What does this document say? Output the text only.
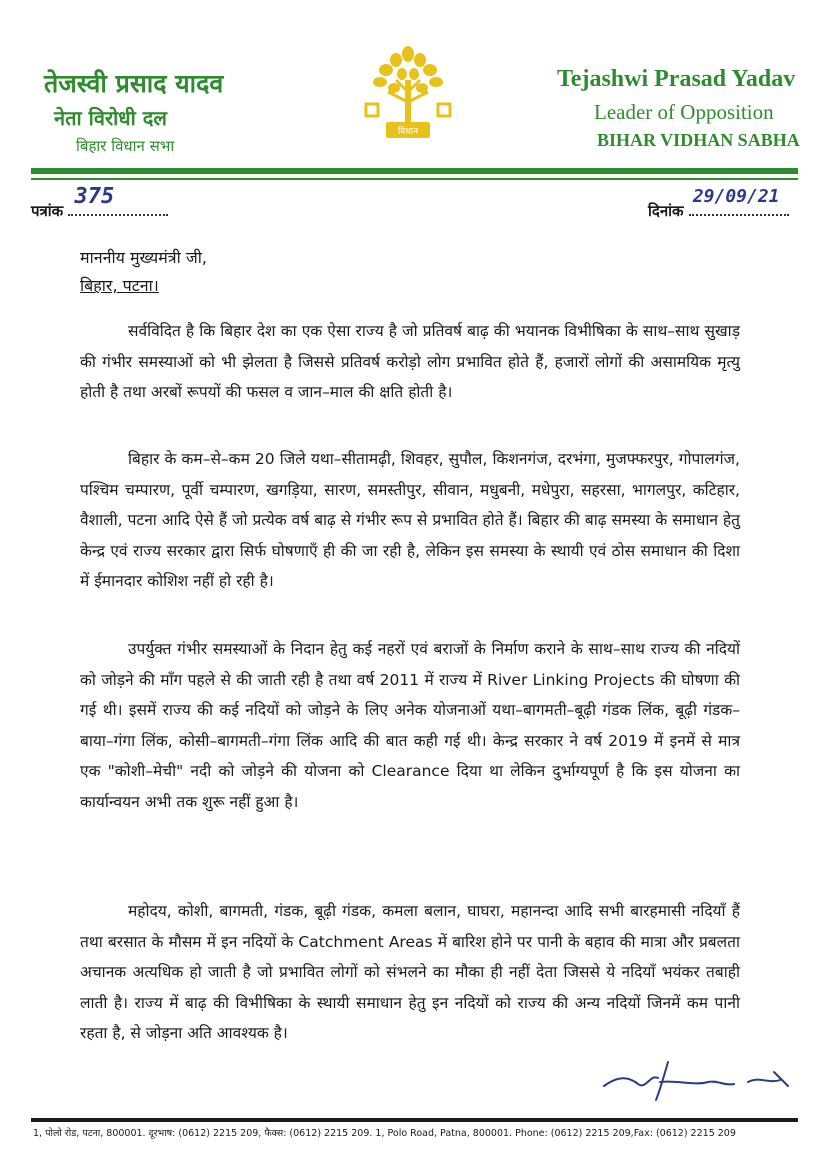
तेजस्वी प्रसाद यादव
नेता विरोधी दल
बिहार विधान सभा
विधान
Tejashwi Prasad Yadav
Leader of Opposition
BIHAR VIDHAN SABHA
पत्रांक
375
दिनांक
29/09/21
माननीय मुख्यमंत्री जी,
बिहार, पटना।

सर्वविदित है कि बिहार देश का एक ऐसा राज्य है जो प्रतिवर्ष बाढ़ की भयानक विभीषिका के साथ–साथ सुखाड़ की गंभीर समस्याओं को भी झेलता है जिससे प्रतिवर्ष करोड़ो लोग प्रभावित होते हैं, हजारों लोगों की असामयिक मृत्यु होती है तथा अरबों रूपयों की फसल व जान–माल की क्षति होती है।

बिहार के कम–से–कम 20 जिले यथा–सीतामढ़ी, शिवहर, सुपौल, किशनगंज, दरभंगा, मुजफ्फरपुर, गोपालगंज, पश्चिम चम्पारण, पूर्वी चम्पारण, खगड़िया, सारण, समस्तीपुर, सीवान, मधुबनी, मधेपुरा, सहरसा, भागलपुर, कटिहार, वैशाली, पटना आदि ऐसे हैं जो प्रत्येक वर्ष बाढ़ से गंभीर रूप से प्रभावित होते हैं। बिहार की बाढ़ समस्या के समाधान हेतु केन्द्र एवं राज्य सरकार द्वारा सिर्फ घोषणाएँ ही की जा रही है, लेकिन इस समस्या के स्थायी एवं ठोस समाधान की दिशा में ईमानदार कोशिश नहीं हो रही है।

उपर्युक्त गंभीर समस्याओं के निदान हेतु कई नहरों एवं बराजों के निर्माण कराने के साथ–साथ राज्य की नदियों को जोड़ने की माँग पहले से की जाती रही है तथा वर्ष 2011 में राज्य में River Linking Projects की घोषणा की गई थी। इसमें राज्य की कई नदियों को जोड़ने के लिए अनेक योजनाओं यथा–बागमती–बूढ़ी गंडक लिंक, बूढ़ी गंडक–बाया–गंगा लिंक, कोसी–बागमती–गंगा लिंक आदि की बात कही गई थी। केन्द्र सरकार ने वर्ष 2019 में इनमें से मात्र एक "कोशी–मेची" नदी को जोड़ने की योजना को Clearance दिया था लेकिन दुर्भाग्यपूर्ण है कि इस योजना का कार्यान्वयन अभी तक शुरू नहीं हुआ है।

महोदय, कोशी, बागमती, गंडक, बूढ़ी गंडक, कमला बलान, घाघरा, महानन्दा आदि सभी बारहमासी नदियाँ हैं तथा बरसात के मौसम में इन नदियों के Catchment Areas में बारिश होने पर पानी के बहाव की मात्रा और प्रबलता अचानक अत्यधिक हो जाती है जो प्रभावित लोगों को संभलने का मौका ही नहीं देता जिससे ये नदियाँ भयंकर तबाही लाती है। राज्य में बाढ़ की विभीषिका के स्थायी समाधान हेतु इन नदियों को राज्य की अन्य नदियों जिनमें कम पानी रहता है, से जोड़ना अति आवश्यक है।

1, पोलो रोड, पटना, 800001. दूरभाष: (0612) 2215 209, फैक्स: (0612) 2215 209. 1, Polo Road, Patna, 800001. Phone: (0612) 2215 209,Fax: (0612) 2215 209
